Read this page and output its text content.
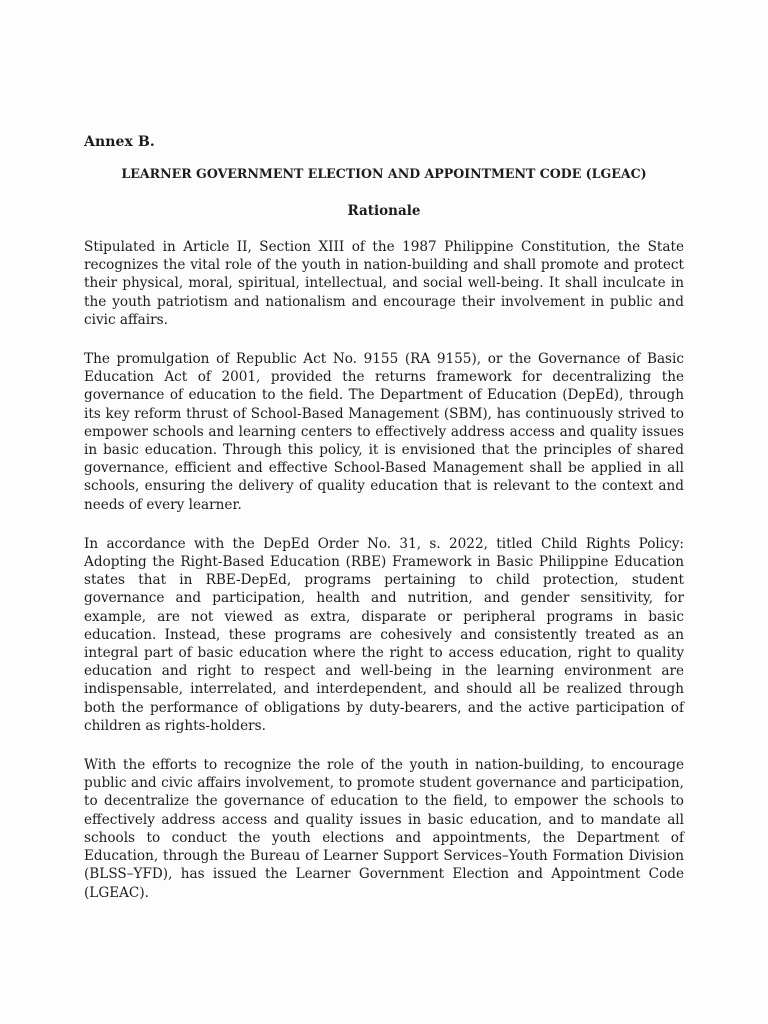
Annex B.
LEARNER GOVERNMENT ELECTION AND APPOINTMENT CODE (LGEAC)
Rationale

Stipulated in Article II, Section XIII of the 1987 Philippine Constitution, the State recognizes the vital role of the youth in nation-building and shall promote and protect their physical, moral, spiritual, intellectual, and social well-being. It shall inculcate in the youth patriotism and nationalism and encourage their involvement in public and civic affairs.

The promulgation of Republic Act No. 9155 (RA 9155), or the Governance of Basic Education Act of 2001, provided the returns framework for decentralizing the governance of education to the field. The Department of Education (DepEd), through its key reform thrust of School-Based Management (SBM), has continuously strived to empower schools and learning centers to effectively address access and quality issues in basic education. Through this policy, it is envisioned that the principles of shared governance, efficient and effective School-Based Management shall be applied in all schools, ensuring the delivery of quality education that is relevant to the context and needs of every learner.

In accordance with the DepEd Order No. 31, s. 2022, titled Child Rights Policy: Adopting the Right-Based Education (RBE) Framework in Basic Philippine Education states that in RBE-DepEd, programs pertaining to child protection, student governance and participation, health and nutrition, and gender sensitivity, for example, are not viewed as extra, disparate or peripheral programs in basic education. Instead, these programs are cohesively and consistently treated as an integral part of basic education where the right to access education, right to quality education and right to respect and well-being in the learning environment are indispensable, interrelated, and interdependent, and should all be realized through both the performance of obligations by duty-bearers, and the active participation of children as rights-holders.

With the efforts to recognize the role of the youth in nation-building, to encourage public and civic affairs involvement, to promote student governance and participation, to decentralize the governance of education to the field, to empower the schools to effectively address access and quality issues in basic education, and to mandate all schools to conduct the youth elections and appointments, the Department of Education, through the Bureau of Learner Support Services–Youth Formation Division (BLSS–YFD), has issued the Learner Government Election and Appointment Code (LGEAC).
